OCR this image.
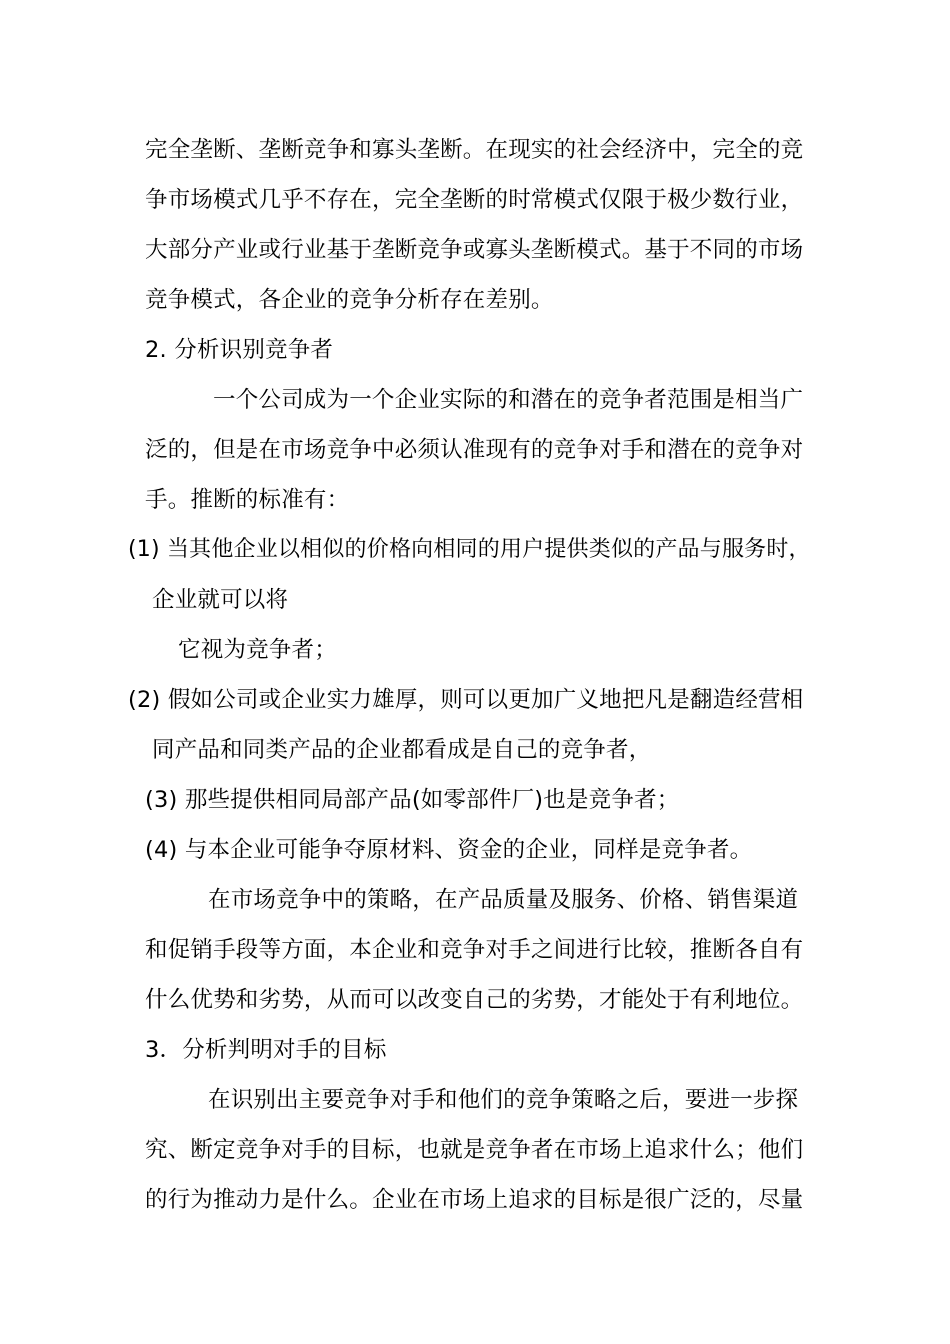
完全垄断、垄断竞争和寡头垄断。在现实的社会经济中，完全的竞
争市场模式几乎不存在，完全垄断的时常模式仅限于极少数行业，
大部分产业或行业基于垄断竞争或寡头垄断模式。基于不同的市场
竞争模式，各企业的竞争分析存在差别。
2. 分析识别竞争者
一个公司成为一个企业实际的和潜在的竞争者范围是相当广
泛的，但是在市场竞争中必须认准现有的竞争对手和潜在的竞争对
手。推断的标准有：
(1) 当其他企业以相似的价格向相同的用户提供类似的产品与服务时，
企业就可以将
它视为竞争者；
(2) 假如公司或企业实力雄厚，则可以更加广义地把凡是翻造经营相
同产品和同类产品的企业都看成是自己的竞争者，
(3) 那些提供相同局部产品(如零部件厂)也是竞争者；
(4) 与本企业可能争夺原材料、资金的企业，同样是竞争者。
在市场竞争中的策略，在产品质量及服务、价格、销售渠道
和促销手段等方面，本企业和竞争对手之间进行比较，推断各自有
什么优势和劣势，从而可以改变自己的劣势，才能处于有利地位。
3．分析判明对手的目标
在识别出主要竞争对手和他们的竞争策略之后，要进一步探
究、断定竞争对手的目标，也就是竞争者在市场上追求什么；他们
的行为推动力是什么。企业在市场上追求的目标是很广泛的，尽量
